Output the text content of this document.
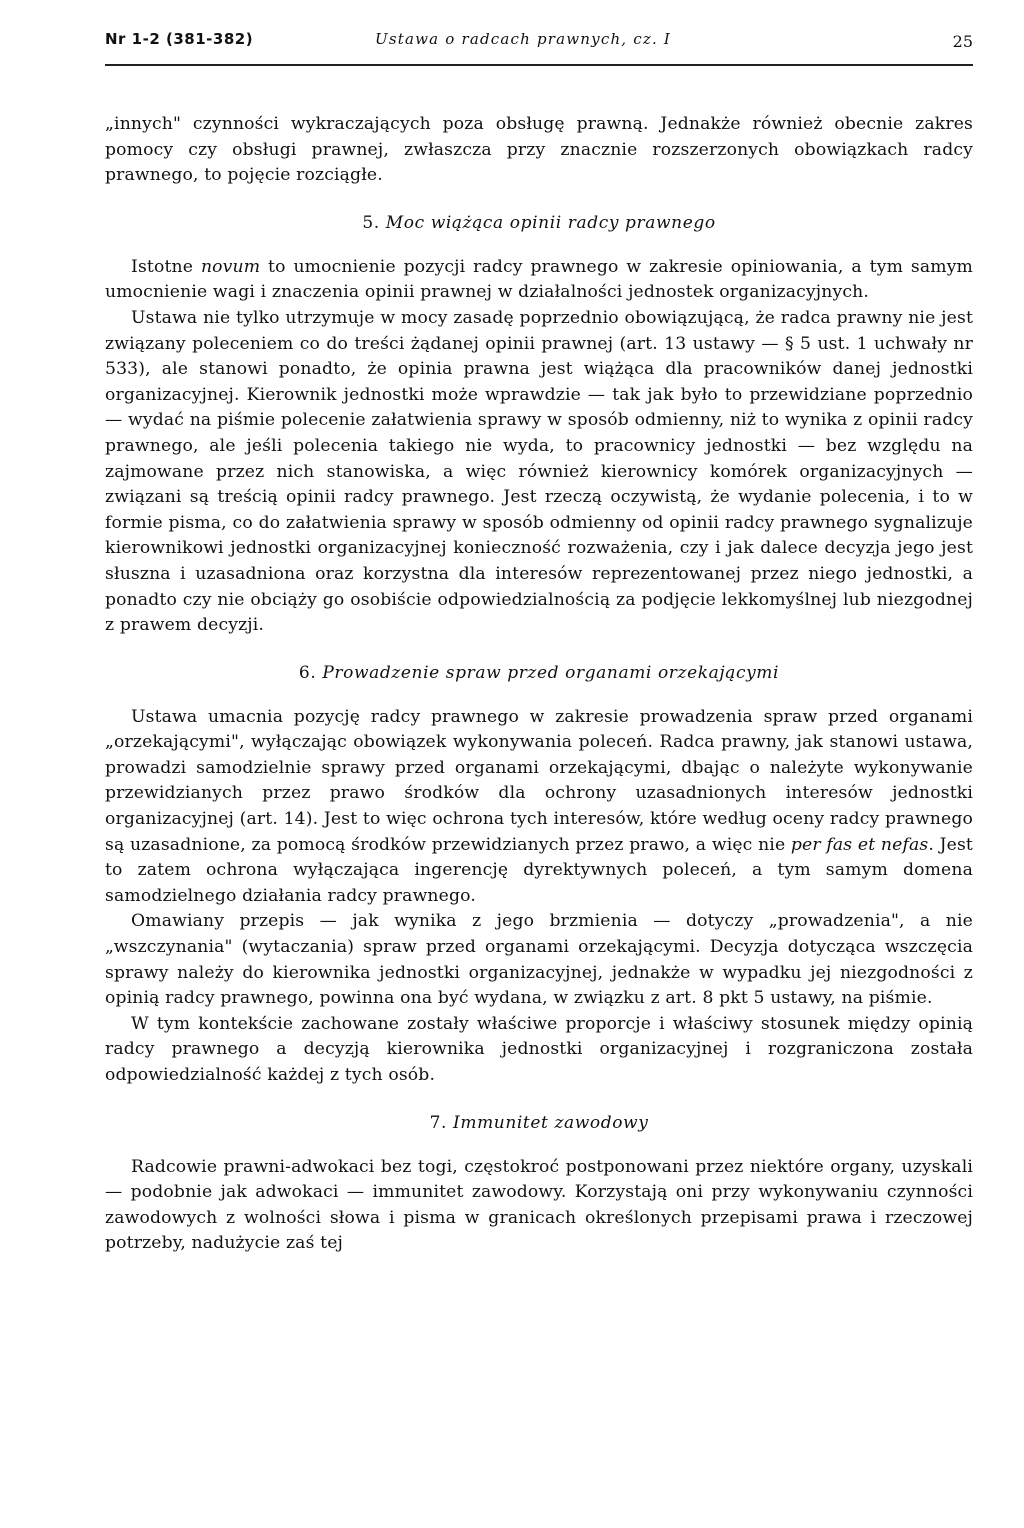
Nr 1-2 (381-382)	Ustawa o radcach prawnych, cz. I	25

„innych" czynności wykraczających poza obsługę prawną. Jednakże również obecnie zakres pomocy czy obsługi prawnej, zwłaszcza przy znacznie rozszerzonych obowiązkach radcy prawnego, to pojęcie rozciągłe.

5. Moc wiążąca opinii radcy prawnego

Istotne novum to umocnienie pozycji radcy prawnego w zakresie opiniowania, a tym samym umocnienie wagi i znaczenia opinii prawnej w działalności jednostek organizacyjnych.

Ustawa nie tylko utrzymuje w mocy zasadę poprzednio obowiązującą, że radca prawny nie jest związany poleceniem co do treści żądanej opinii prawnej (art. 13 ustawy — § 5 ust. 1 uchwały nr 533), ale stanowi ponadto, że opinia prawna jest wiążąca dla pracowników danej jednostki organizacyjnej. Kierownik jednostki może wprawdzie — tak jak było to przewidziane poprzednio — wydać na piśmie polecenie załatwienia sprawy w sposób odmienny, niż to wynika z opinii radcy prawnego, ale jeśli polecenia takiego nie wyda, to pracownicy jednostki — bez względu na zajmowane przez nich stanowiska, a więc również kierownicy komórek organizacyjnych — związani są treścią opinii radcy prawnego. Jest rzeczą oczywistą, że wydanie polecenia, i to w formie pisma, co do załatwienia sprawy w sposób odmienny od opinii radcy prawnego sygnalizuje kierownikowi jednostki organizacyjnej konieczność rozważenia, czy i jak dalece decyzja jego jest słuszna i uzasadniona oraz korzystna dla interesów reprezentowanej przez niego jednostki, a ponadto czy nie obciąży go osobiście odpowiedzialnością za podjęcie lekkomyślnej lub niezgodnej z prawem decyzji.

6. Prowadzenie spraw przed organami orzekającymi

Ustawa umacnia pozycję radcy prawnego w zakresie prowadzenia spraw przed organami „orzekającymi", wyłączając obowiązek wykonywania poleceń. Radca prawny, jak stanowi ustawa, prowadzi samodzielnie sprawy przed organami orzekającymi, dbając o należyte wykonywanie przewidzianych przez prawo środków dla ochrony uzasadnionych interesów jednostki organizacyjnej (art. 14). Jest to więc ochrona tych interesów, które według oceny radcy prawnego są uzasadnione, za pomocą środków przewidzianych przez prawo, a więc nie per fas et nefas. Jest to zatem ochrona wyłączająca ingerencję dyrektywnych poleceń, a tym samym domena samodzielnego działania radcy prawnego.

Omawiany przepis — jak wynika z jego brzmienia — dotyczy „prowadzenia", a nie „wszczynania" (wytaczania) spraw przed organami orzekającymi. Decyzja dotycząca wszczęcia sprawy należy do kierownika jednostki organizacyjnej, jednakże w wypadku jej niezgodności z opinią radcy prawnego, powinna ona być wydana, w związku z art. 8 pkt 5 ustawy, na piśmie.

W tym kontekście zachowane zostały właściwe proporcje i właściwy stosunek między opinią radcy prawnego a decyzją kierownika jednostki organizacyjnej i rozgraniczona została odpowiedzialność każdej z tych osób.

7. Immunitet zawodowy

Radcowie prawni-adwokaci bez togi, częstokroć postponowani przez niektóre organy, uzyskali — podobnie jak adwokaci — immunitet zawodowy. Korzystają oni przy wykonywaniu czynności zawodowych z wolności słowa i pisma w granicach określonych przepisami prawa i rzeczowej potrzeby, nadużycie zaś tej
